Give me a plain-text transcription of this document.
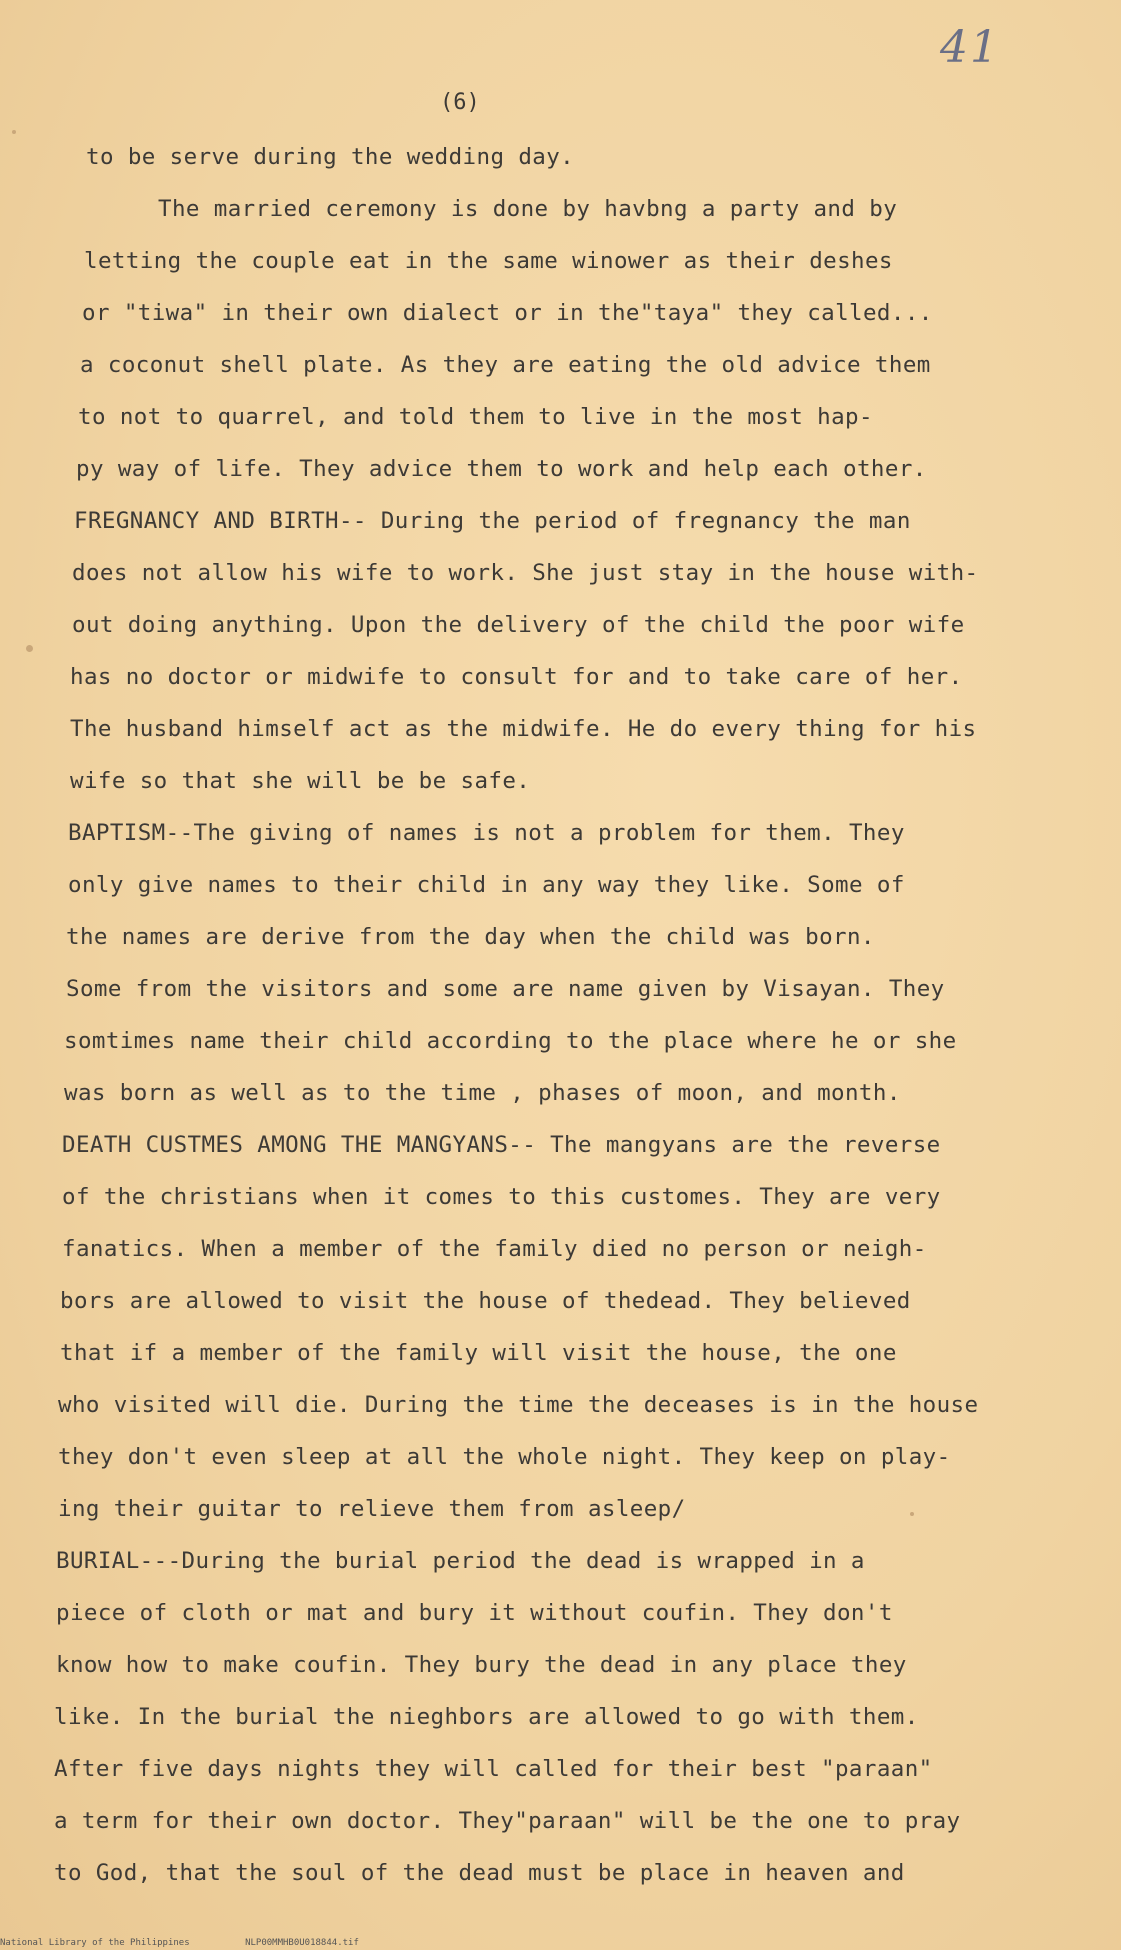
41
(6)
to be serve during the wedding day.
The married ceremony is done by havbng a party and by
letting the couple eat in the same winower as their deshes
or "tiwa" in their own dialect or in the"taya" they called...
a coconut shell plate. As they are eating the old advice them
to not to quarrel, and told them to live in the most hap-
py way of life. They advice them to work and help each other.
FREGNANCY AND BIRTH-- During the period of fregnancy the man
does not allow his wife to work. She just stay in the house with-
out doing anything. Upon the delivery of the child the poor wife
has no doctor or midwife to consult for and to take care of her.
The husband himself act as the midwife. He do every thing for his
wife so that she will be be safe.
BAPTISM--The giving of names is not a problem for them. They
only give names to their child in any way they like. Some of
the names are derive from the day when the child was born.
Some from the visitors and some are name given by Visayan. They
somtimes name their child according to the place where he or she
was born as well as to the time , phases of moon, and month.
DEATH CUSTMES AMONG THE MANGYANS-- The mangyans are the reverse
of the christians when it comes to this customes. They are very
fanatics. When a member of the family died no person or neigh-
bors are allowed to visit the house of thedead. They believed
that if a member of the family will visit the house, the one
who visited will die. During the time the deceases is in the house
they don't even sleep at all the whole night. They keep on play-
ing their guitar to relieve them from asleep/
BURIAL---During the burial period the dead is wrapped in a
piece of cloth or mat and bury it without coufin. They don't
know how to make coufin. They bury the dead in any place they
like. In the burial the nieghbors are allowed to go with them.
After five days nights they will called for their best "paraan"
a term for their own doctor. They"paraan" will be the one to pray
to God, that the soul of the dead must be place in heaven and
National Library of the Philippines	NLP00MMHB0U018844.tif
